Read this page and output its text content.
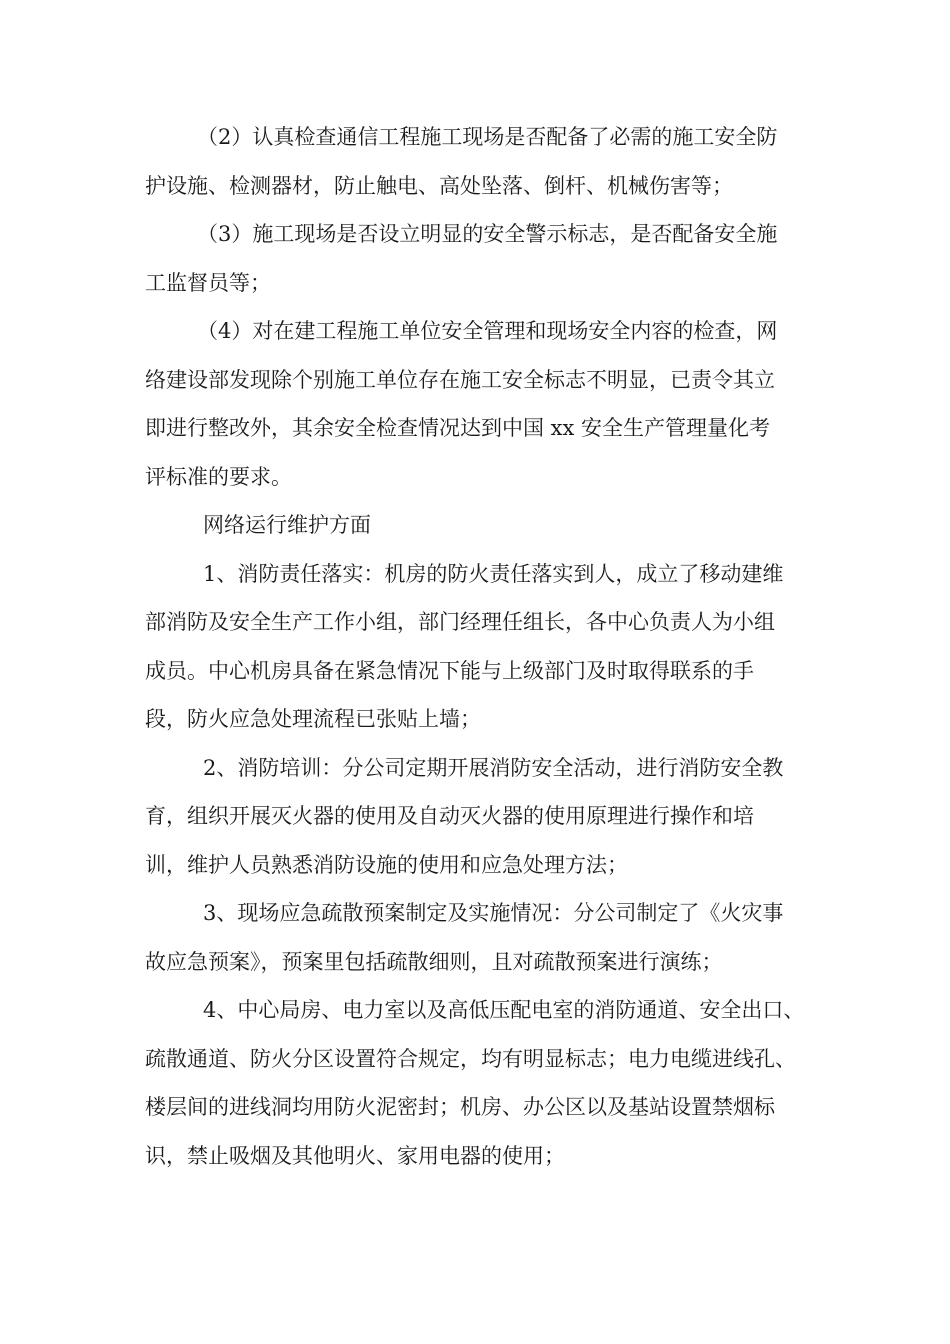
（2）认真检查通信工程施工现场是否配备了必需的施工安全防
护设施、检测器材，防止触电、高处坠落、倒杆、机械伤害等；
（3）施工现场是否设立明显的安全警示标志，是否配备安全施
工监督员等；
（4）对在建工程施工单位安全管理和现场安全内容的检查，网
络建设部发现除个别施工单位存在施工安全标志不明显，已责令其立
即进行整改外，其余安全检查情况达到中国 xx 安全生产管理量化考
评标准的要求。
网络运行维护方面
1、消防责任落实：机房的防火责任落实到人，成立了移动建维
部消防及安全生产工作小组，部门经理任组长，各中心负责人为小组
成员。中心机房具备在紧急情况下能与上级部门及时取得联系的手
段，防火应急处理流程已张贴上墙；
2、消防培训：分公司定期开展消防安全活动，进行消防安全教
育，组织开展灭火器的使用及自动灭火器的使用原理进行操作和培
训，维护人员熟悉消防设施的使用和应急处理方法；
3、现场应急疏散预案制定及实施情况：分公司制定了《火灾事
故应急预案》，预案里包括疏散细则，且对疏散预案进行演练；
4、中心局房、电力室以及高低压配电室的消防通道、安全出口、
疏散通道、防火分区设置符合规定，均有明显标志；电力电缆进线孔、
楼层间的进线洞均用防火泥密封；机房、办公区以及基站设置禁烟标
识，禁止吸烟及其他明火、家用电器的使用；
